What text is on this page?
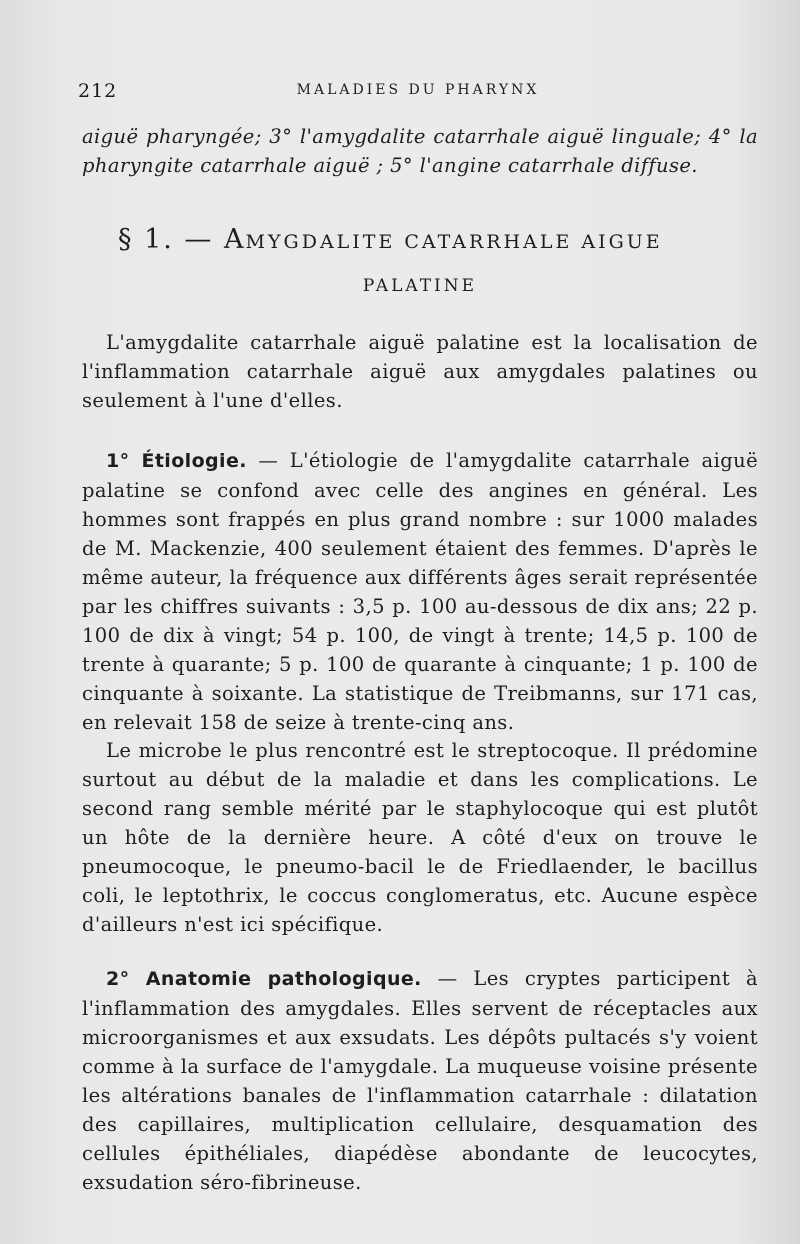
212	MALADIES DU PHARYNX

aiguë pharyngée; 3° l'amygdalite catarrhale aiguë linguale; 4° la pharyngite catarrhale aiguë ; 5° l'angine catarrhale diffuse.

§ 1. — AMYGDALITE CATARRHALE AIGUE
PALATINE

L'amygdalite catarrhale aiguë palatine est la localisation de l'inflammation catarrhale aiguë aux amygdales palatines ou seulement à l'une d'elles.

1° Étiologie. — L'étiologie de l'amygdalite catarrhale aiguë palatine se confond avec celle des angines en général. Les hommes sont frappés en plus grand nombre : sur 1000 malades de M. Mackenzie, 400 seulement étaient des femmes. D'après le même auteur, la fréquence aux différents âges serait représentée par les chiffres suivants : 3,5 p. 100 au-dessous de dix ans; 22 p. 100 de dix à vingt; 54 p. 100, de vingt à trente; 14,5 p. 100 de trente à quarante; 5 p. 100 de quarante à cinquante; 1 p. 100 de cinquante à soixante. La statistique de Treibmanns, sur 171 cas, en relevait 158 de seize à trente-cinq ans.

Le microbe le plus rencontré est le streptocoque. Il prédomine surtout au début de la maladie et dans les complications. Le second rang semble mérité par le staphylocoque qui est plutôt un hôte de la dernière heure. A côté d'eux on trouve le pneumocoque, le pneumo-bacil le de Friedlaender, le bacillus coli, le leptothrix, le coccus conglomeratus, etc. Aucune espèce d'ailleurs n'est ici spécifique.

2° Anatomie pathologique. — Les cryptes participent à l'inflammation des amygdales. Elles servent de réceptacles aux microorganismes et aux exsudats. Les dépôts pultacés s'y voient comme à la surface de l'amygdale. La muqueuse voisine présente les altérations banales de l'inflammation catarrhale : dilatation des capillaires, multiplication cellulaire, desquamation des cellules épithéliales, diapédèse abondante de leucocytes, exsudation séro-fibrineuse.
